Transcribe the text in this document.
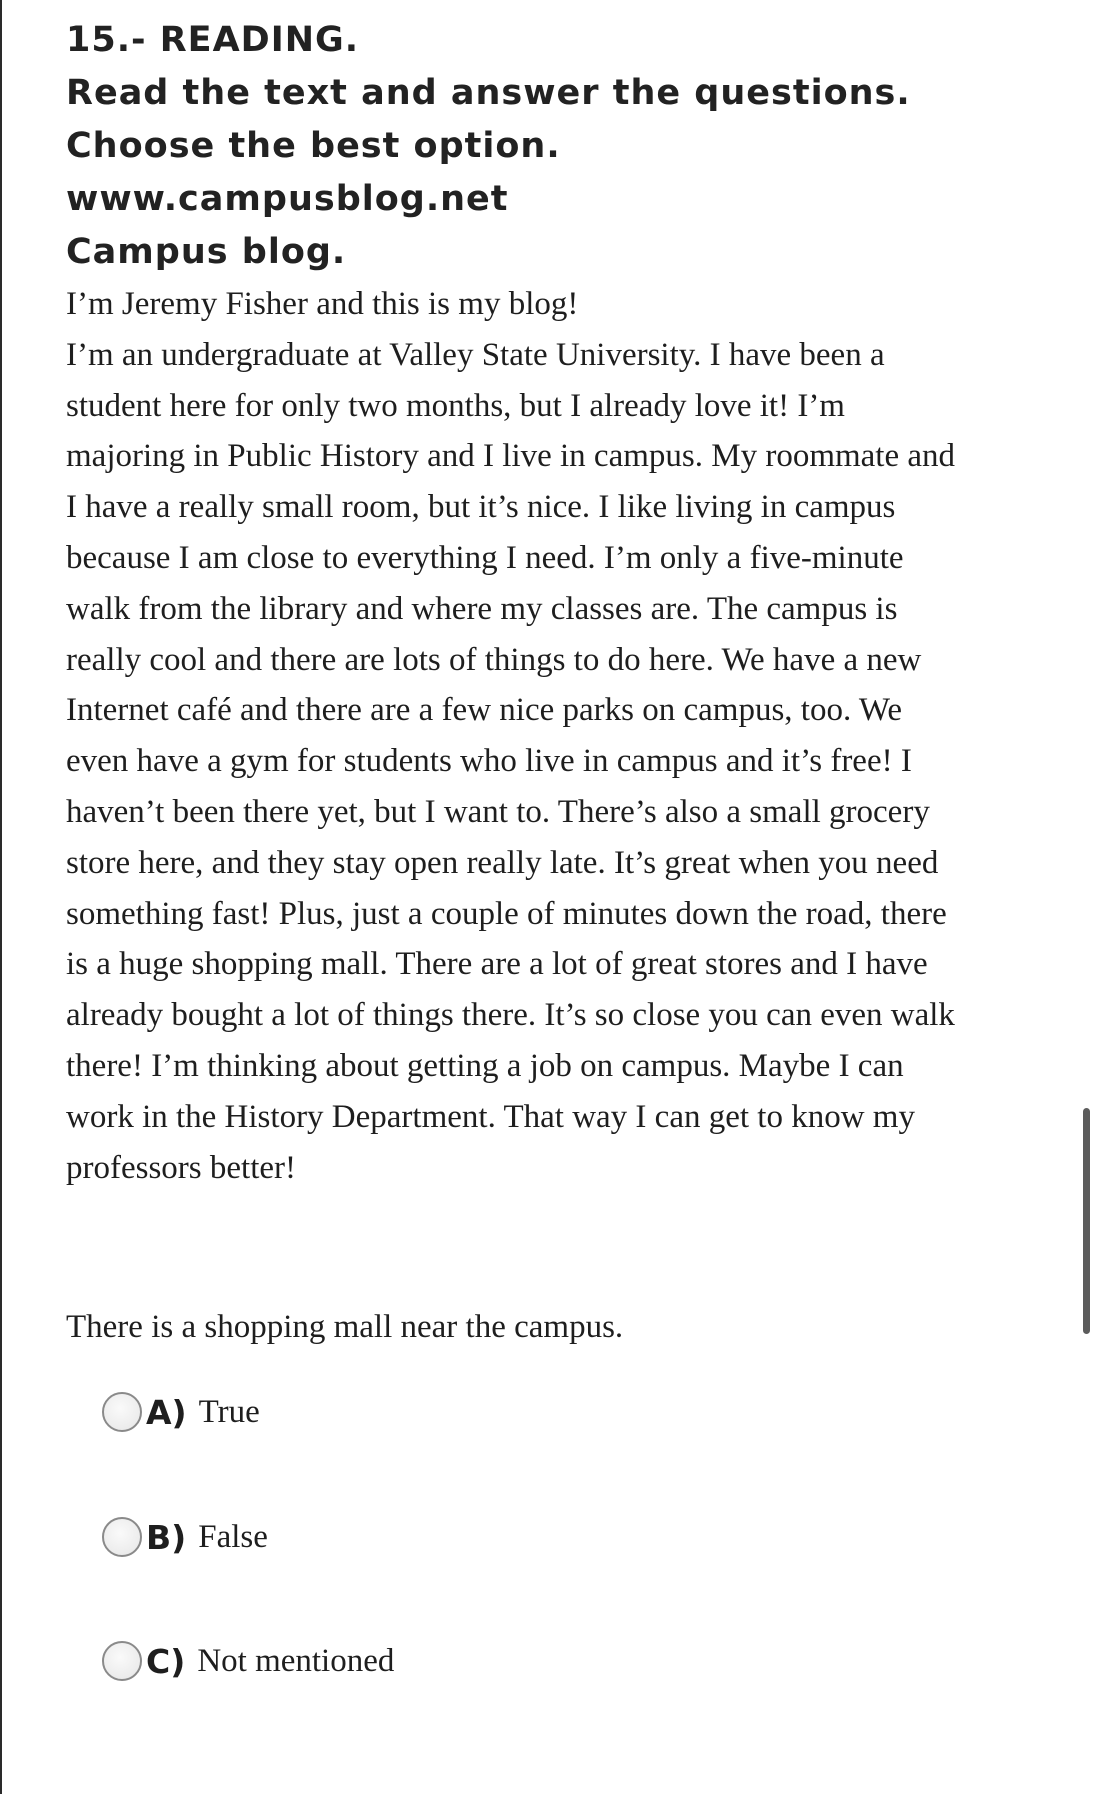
15.- READING.

Read the text and answer the questions.

Choose the best option.

www.campusblog.net

Campus blog.

I’m Jeremy Fisher and this is my blog!

I’m an undergraduate at Valley State University. I have been a
student here for only two months, but I already love it! I’m
majoring in Public History and I live in campus. My roommate and
I have a really small room, but it’s nice. I like living in campus
because I am close to everything I need. I’m only a five-minute
walk from the library and where my classes are. The campus is
really cool and there are lots of things to do here. We have a new
Internet café and there are a few nice parks on campus, too. We
even have a gym for students who live in campus and it’s free! I
haven’t been there yet, but I want to. There’s also a small grocery
store here, and they stay open really late. It’s great when you need
something fast! Plus, just a couple of minutes down the road, there
is a huge shopping mall. There are a lot of great stores and I have
already bought a lot of things there. It’s so close you can even walk
there! I’m thinking about getting a job on campus. Maybe I can
work in the History Department. That way I can get to know my
professors better!
There is a shopping mall near the campus.
A) True
B) False
C) Not mentioned
